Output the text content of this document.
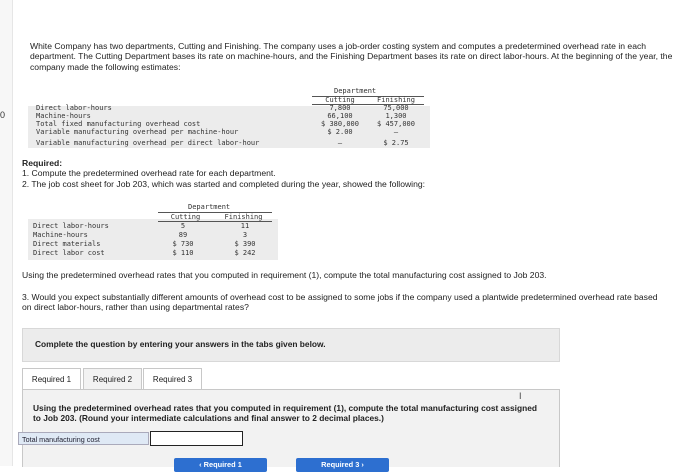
0
White Company has two departments, Cutting and Finishing. The company uses a job-order costing system and computes a predetermined overhead rate in each department. The Cutting Department bases its rate on machine-hours, and the Finishing Department bases its rate on direct labor-hours. At the beginning of the year, the company made the following estimates:
Department
Cutting	Finishing
Direct labor-hours	7,800	75,000
Machine-hours	66,100	1,300
Total fixed manufacturing overhead cost	$ 380,000	$ 457,000
Variable manufacturing overhead per machine-hour	$ 2.00	–
Variable manufacturing overhead per direct labor-hour	–	$ 2.75
Required:
1. Compute the predetermined overhead rate for each department.
2. The job cost sheet for Job 203, which was started and completed during the year, showed the following:
Department
Cutting	Finishing
Direct labor-hours	5	11
Machine-hours	89	3
Direct materials	$ 730	$ 390
Direct labor cost	$ 110	$ 242
Using the predetermined overhead rates that you computed in requirement (1), compute the total manufacturing cost assigned to Job 203.
3. Would you expect substantially different amounts of overhead cost to be assigned to some jobs if the company used a plantwide predetermined overhead rate based on direct labor-hours, rather than using departmental rates?
Complete the question by entering your answers in the tabs given below.
Required 1	Required 2	Required 3
I
Using the predetermined overhead rates that you computed in requirement (1), compute the total manufacturing cost assigned to Job 203. (Round your intermediate calculations and final answer to 2 decimal places.)
Total manufacturing cost
‹ Required 1	Required 3 ›
